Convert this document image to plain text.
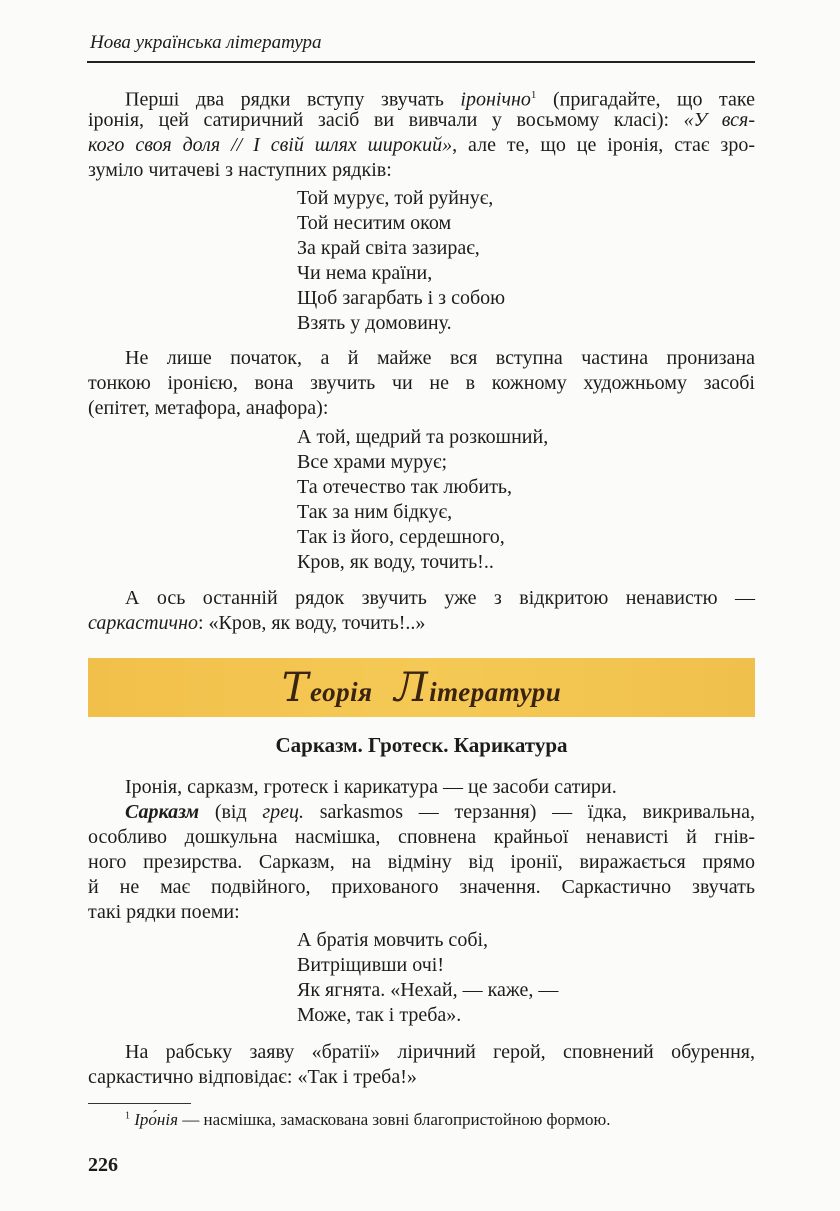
Нова українська література
Перші два рядки вступу звучать іронічно$^1$ (пригадайте, що таке
іронія, цей сатиричний засіб ви вивчали у восьмому класі): «У вся-
кого своя доля // І свій шлях широкий», але те, що це іронія, стає зро-
зуміло читачеві з наступних рядків:
Той мурує, той руйнує,
Той неситим оком
За край світа зазирає,
Чи нема країни,
Щоб загарбать і з собою
Взять у домовину.
Не лише початок, а й майже вся вступна частина пронизана
тонкою іронією, вона звучить чи не в кожному художньому засобі
(епітет, метафора, анафора):
А той, щедрий та розкошний,
Все храми мурує;
Та отечество так любить,
Так за ним бідкує,
Так із його, сердешного,
Кров, як воду, точить!..
А ось останній рядок звучить уже з відкритою ненавистю —
саркастично: «Кров, як воду, точить!..»
Теорія Літератури
Сарказм. Гротеск. Карикатура
Іронія, сарказм, гротеск і карикатура — це засоби сатири.
Сарказм (від грец. sarkasmos — терзання) — їдка, викривальна,
особливо дошкульна насмішка, сповнена крайньої ненависті й гнів-
ного презирства. Сарказм, на відміну від іронії, виражається прямо
й не має подвійного, прихованого значення. Саркастично звучать
такі рядки поеми:
А братія мовчить собі,
Витріщивши очі!
Як ягнята. «Нехай, — каже, —
Може, так і треба».
На рабську заяву «братії» ліричний герой, сповнений обурення,
саркастично відповідає: «Так і треба!»
$^1$ Іро́нія — насмішка, замаскована зовні благопристойною формою.
226
